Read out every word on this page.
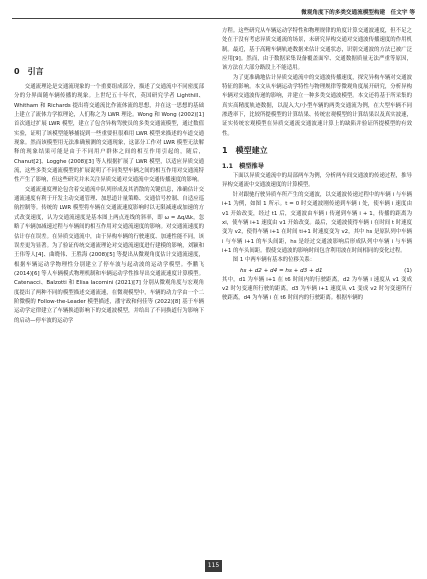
微观角度下的多类交通流模型构建　任文宇 等
0　引言

交通流理论是交通流现象的一个重要组成部分，描述了交通流中不同密度部分的分界面随车辆传播的现象。上世纪五十年代，英国研究学者 Lighthill、Whitham 和 Richards 提出将交通流比作流体流的思想，并在这一思想的基础上建立了流体力学拟理论，人们称之为 LWR 理论。Wong 和 Wong (2002)[1] 首次通过扩展 LWR 模型，建立了包含异构驾驶员的多类交通流模型，通过数值实验，证明了该模型能够捕捉到一些重要但很难用 LWR 模型来描述的车道交通现象。然而该模型用无法准确预测的交通现象，这部分工作对 LWR 模型无法解释的现象结果可能是由于不同用户群体之间的相互作用引起的，随后，Chanut[2]、Logghe (2008)[3] 等人根据扩展了 LWR 模型，以适应异质交通流，这些多类交通流模型的扩展说明了不同类型车辆之间的相互作用对交通流特性产生了影响，但这些研究并未关注异质交通对交通流中交通传播速度的影响。

交通流速度理论包含着交通流中队列形成及其消散的关键信息，准确估计交通流速度有利于开发主动交通管理、加思道计量策略、交通信号控制、自适应巡航控制等。传统的 LWR 模型将车辆在交通流速度影响时以无限减速或加速的方式改变速度，认为交通流速度是基本图上两点连线的斜率，即 ω = Δq/Δk，忽略了车辆加减速过程与车辆间的相互作用对交通流速度的影响。对交通流速度的估计存在误差。在异质交通流中，由于异构车辆的行驶速度、加速性能不同，该误差更为显著。为了验证传统交通流理论对交通流速度进行建模的影响，刘颖和王伟等人[4]、曲晓伟、王胜海 (2008)[5] 等提出从微观角度估计交通流速度，根据车辆运动学物理性分别建立了停车波与起动波的运动学模型。李鹏飞 (2014)[6] 等人车辆模式物理机制和车辆运动学性推导出交通流速度计算模型。Catenacci、Balzotti 和 Elisa Iacomini (2021)[7] 分别从微观角度与宏观角度提出了两种不同的模型描述交通流速，在微观模型中，车辆的动力学由一个二阶微模的 Follow-the-Leader 模型描述，潘守政和何佳等 (2022)[8] 基于车辆运动学定律建立了车辆换道影响下的交通波模型，并给出了不同换道行为影响下的启动—停车波的运动学

方程。这些研究从车辆运动学特性和物理规律的角度计算交通波速度，但不足之处在于没有考虑异质交通流的场景，未研究异构交通对交通波传播速度的作用机制。最近，基于高精车辆轨迹数据来估计交通状态，识别交通波的方法已被广泛应用[9]。然而，由于数据采集设备覆盖面窄、交通数据质量无法严重等原因，该方法在大部分路段上不能适用。

为了更准确地估计异质交通流中的交通波传播速度，探究异构车辆对交通波特征的影响。本文从车辆运动学特性与物理规律等微观角度展开研究，分析异构车辆对交通波传递的影响，并建立一种多类交通波模型。本文还将基于所采集的真实高精度轨迹数据，以混入大/小型车辆的两类交通流为例，在大型车辆不同渗透率下，比较所提模型的计算结果、传统宏观模型的计算结果以及真实波速，证实传统宏观模型在异质交通流交通波速计算上的缺陷并验证所提模型的有效性。

1　模型建立
1.1　模型推导

下面以异质交通流中的局部两车为例，分析两车间交通波的传递过程，推导异构交通流中交通波速度的计算模型。

针对跟驰行驶异质车所产生的交通波，以交通波传递过程中的车辆 i 与车辆 i+1 为例，如图 1 所示。t = 0 时交通波刚传递到车辆 i 处，使车辆 i 速度由 v1 开始改变，经过 t1 后，交通波由车辆 i 传递到车辆 i + 1，传播的距离为 xi，使车辆 i+1 速度由 v1 开始改变。最后，交通波使得车辆 i 在时间 t 时速度变为 v2，使得车辆 i+1 在时间 ti+1 时速度变为 v2，其中 hs 是原队列中车辆 i 与车辆 i+1 的车头间距，hs 是经过交通波影响后形成队列中车辆 i 与车辆 i+1 的车头间距。假使交通波的影响时间包含利用波在时间相同的变化过程。

图 1 中两车辆有基本的位移关系：

hs + d2 + d4 = hs + d3 + d1	(1)

其中，d1 为车辆 i+1 在 t6 时间内的行驶距离，d2 为车辆 i 速度从 v1 变成 v2 时匀变速所行驶的距离，d3 为车辆 i+1 速度从 v1 变成 v2 时匀变速所行驶距离，d4 为车辆 i 在 t6 时间内的行驶距离。根据车辆的

115
